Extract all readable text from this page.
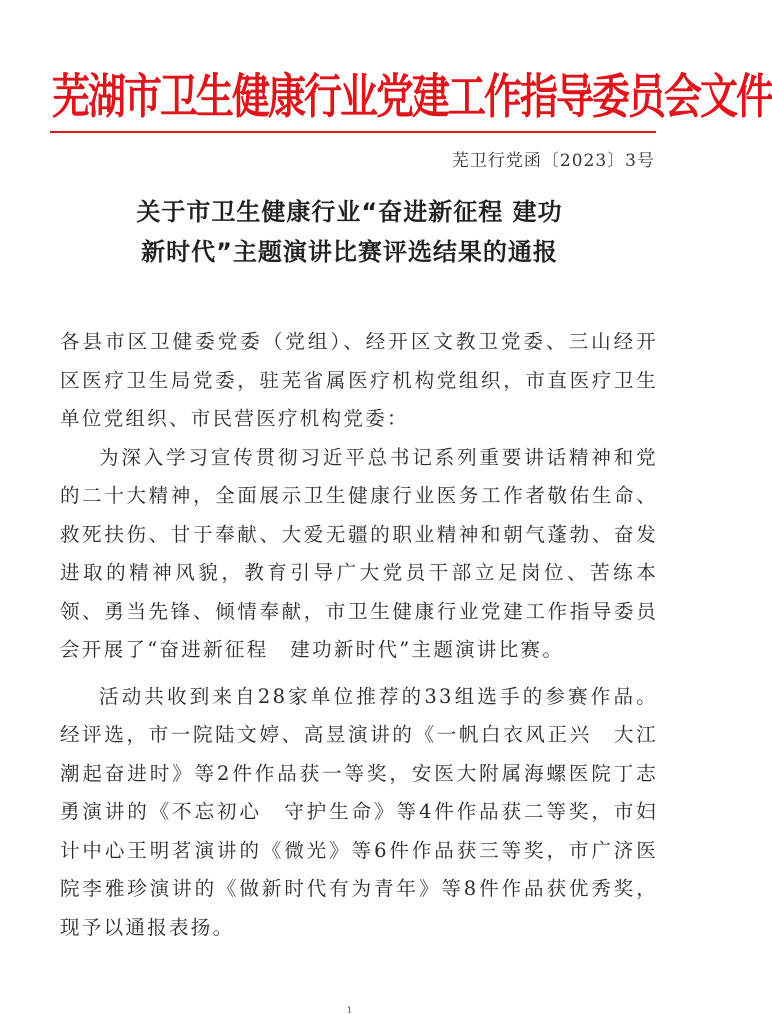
芜湖市卫生健康行业党建工作指导委员会文件
芜卫行党函〔2023〕3号
关于市卫生健康行业“奋进新征程 建功
新时代”主题演讲比赛评选结果的通报

各县市区卫健委党委（党组）、经开区文教卫党委、三山经开区医疗卫生局党委，驻芜省属医疗机构党组织，市直医疗卫生单位党组织、市民营医疗机构党委：

为深入学习宣传贯彻习近平总书记系列重要讲话精神和党的二十大精神，全面展示卫生健康行业医务工作者敬佑生命、救死扶伤、甘于奉献、大爱无疆的职业精神和朝气蓬勃、奋发进取的精神风貌，教育引导广大党员干部立足岗位、苦练本领、勇当先锋、倾情奉献，市卫生健康行业党建工作指导委员会开展了“奋进新征程　建功新时代”主题演讲比赛。

活动共收到来自28家单位推荐的33组选手的参赛作品。经评选，市一院陆文婷、高昱演讲的《一帆白衣风正兴　大江潮起奋进时》等2件作品获一等奖，安医大附属海螺医院丁志勇演讲的《不忘初心　守护生命》等4件作品获二等奖，市妇计中心王明茗演讲的《微光》等6件作品获三等奖，市广济医院李雅珍演讲的《做新时代有为青年》等8件作品获优秀奖，现予以通报表扬。

1
